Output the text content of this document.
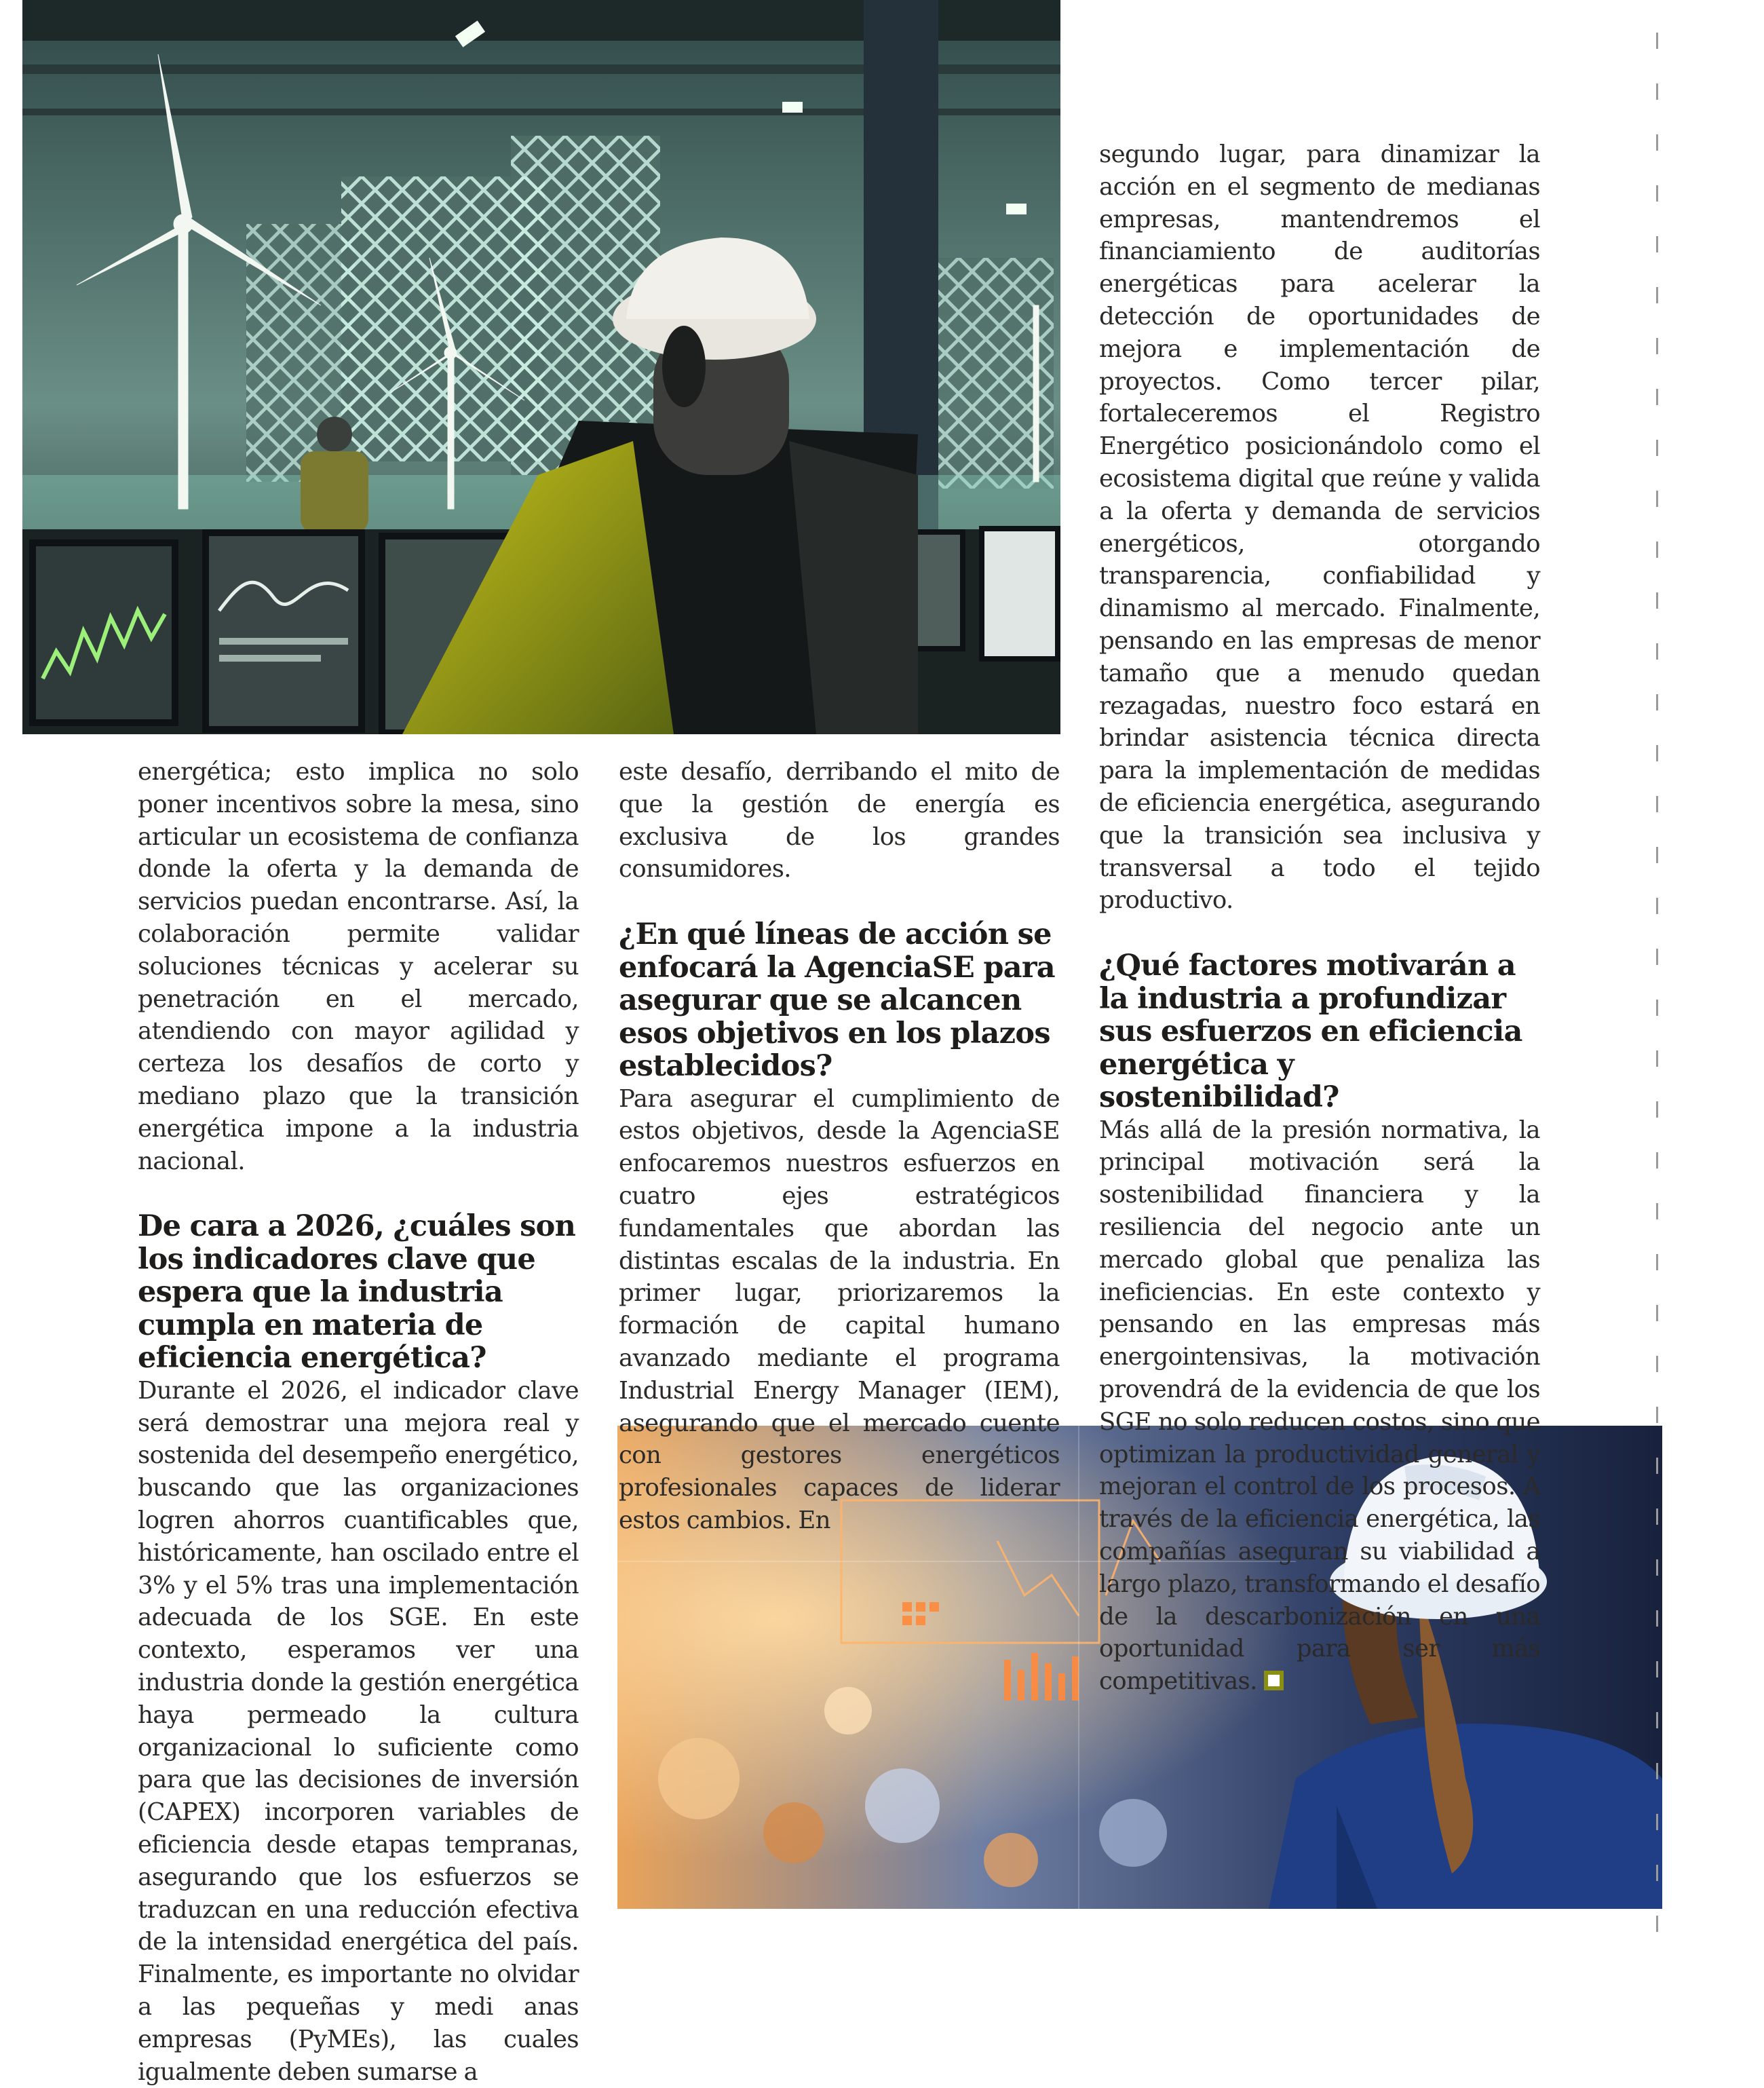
energética; esto implica no solo poner incentivos sobre la mesa, sino articular un ecosistema de confianza donde la oferta y la demanda de servicios puedan encontrarse. Así, la colaboración permite validar soluciones técnicas y acelerar su penetración en el mercado, atendiendo con mayor agilidad y certeza los desafíos de corto y mediano plazo que la transición energética impone a la industria nacional.

De cara a 2026, ¿cuáles son los indicadores clave que espera que la industria cumpla en materia de eficiencia energética?

Durante el 2026, el indicador clave será demostrar una mejora real y sostenida del desempeño energético, buscando que las organizaciones logren ahorros cuantificables que, históricamente, han oscilado entre el 3% y el 5% tras una implementación adecuada de los SGE. En este contexto, esperamos ver una industria donde la gestión energética haya permeado la cultura organizacional lo suficiente como para que las decisiones de inversión (CAPEX) incorporen variables de eficiencia desde etapas tempranas, asegurando que los esfuerzos se traduzcan en una reducción efectiva de la intensidad energética del país. Finalmente, es importante no olvidar a las pequeñas y medi anas empresas (PyMEs), las cuales igualmente deben sumarse a

este desafío, derribando el mito de que la gestión de energía es exclusiva de los grandes consumidores.

¿En qué líneas de acción se enfocará la AgenciaSE para asegurar que se alcancen esos objetivos en los plazos establecidos?

Para asegurar el cumplimiento de estos objetivos, desde la AgenciaSE enfocaremos nuestros esfuerzos en cuatro ejes estratégicos fundamentales que abordan las distintas escalas de la industria. En primer lugar, priorizaremos la formación de capital humano avanzado mediante el programa Industrial Energy Manager (IEM), asegurando que el mercado cuente con gestores energéticos profesionales capaces de liderar estos cambios. En

segundo lugar, para dinamizar la acción en el segmento de medianas empresas, mantendremos el financiamiento de auditorías energéticas para acelerar la detección de oportunidades de mejora e implementación de proyectos. Como tercer pilar, fortaleceremos el Registro Energético posicionándolo como el ecosistema digital que reúne y valida a la oferta y demanda de servicios energéticos, otorgando transparencia, confiabilidad y dinamismo al mercado. Finalmente, pensando en las empresas de menor tamaño que a menudo quedan rezagadas, nuestro foco estará en brindar asistencia técnica directa para la implementación de medidas de eficiencia energética, asegurando que la transición sea inclusiva y transversal a todo el tejido productivo.

¿Qué factores motivarán a la industria a profundizar sus esfuerzos en eficiencia energética y sostenibilidad?

Más allá de la presión normativa, la principal motivación será la sostenibilidad financiera y la resiliencia del negocio ante un mercado global que penaliza las ineficiencias. En este contexto y pensando en las empresas más energointensivas, la motivación provendrá de la evidencia de que los SGE no solo reducen costos, sino que optimizan la productividad general y mejoran el control de los procesos. A través de la eficiencia energética, las compañías aseguran su viabilidad a largo plazo, transformando el desafío de la descarbonización en una oportunidad para ser más competitivas.
